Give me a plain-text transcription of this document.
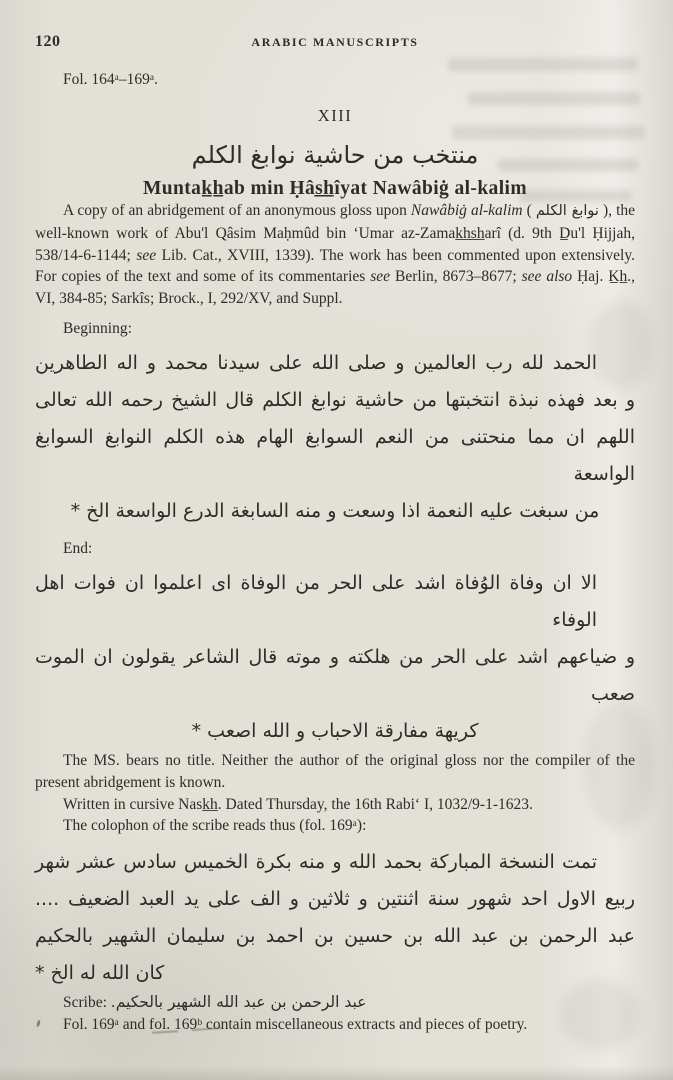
120	ARABIC MANUSCRIPTS
Fol. 164ᵃ–169ᵃ.
XIII
منتخب من حاشية نوابغ الكلم
Muntak̲h̲ab min Ḥâs̲h̲îyat Nawâbiġ al-kalim

A copy of an abridgement of an anonymous gloss upon Nawâbiġ al-kalim ( نوابغ الكلم ), the well-known work of Abu'l Qâsim Maḥmûd bin ʻUmar az-Zamak̲h̲s̲h̲arî (d. 9th D̲u'l Ḥijjah, 538/14-6-1144; see Lib. Cat., XVIII, 1339). The work has been commented upon extensively. For copies of the text and some of its commentaries see Berlin, 8673–8677; see also Ḥaj. K̲h̲., VI, 384-85; Sarkîs; Brock., I, 292/XV, and Suppl.

Beginning:
الحمد لله رب العالمين و صلى الله على سيدنا محمد و اله الطاهرين
و بعد فهذه نبذة انتخبتها من حاشية نوابغ الكلم قال الشيخ رحمه الله تعالى
اللهم ان مما منحتنى من النعم السوابغ الهام هذه الكلم النوابغ السوابغ الواسعة
من سبغت عليه النعمة اذا وسعت و منه السابغة الدرع الواسعة الخ *
End:
الا ان وفاة الوُفاة اشد على الحر من الوفاة اى اعلموا ان فوات اهل الوفاء
و ضياعهم اشد على الحر من هلكته و موته قال الشاعر يقولون ان الموت صعب
كريهة مفارقة الاحباب و الله اصعب *

The MS. bears no title. Neither the author of the original gloss nor the compiler of the present abridgement is known.

Written in cursive Nask̲h̲. Dated Thursday, the 16th Rabiʻ I, 1032/9-1-1623.

The colophon of the scribe reads thus (fol. 169ᵃ):

تمت النسخة المباركة بحمد الله و منه بكرة الخميس سادس عشر شهر
ربيع الاول احد شهور سنة اثنتين و ثلاثين و الف على يد العبد الضعيف ....
عبد الرحمن بن عبد الله بن حسين بن احمد بن سليمان الشهير بالحكيم
كان الله له الخ *

Scribe: عبد الرحمن بن عبد الله الشهير بالحكيم.

Fol. 169ᵃ and fol. 169ᵇ contain miscellaneous extracts and pieces of poetry.
